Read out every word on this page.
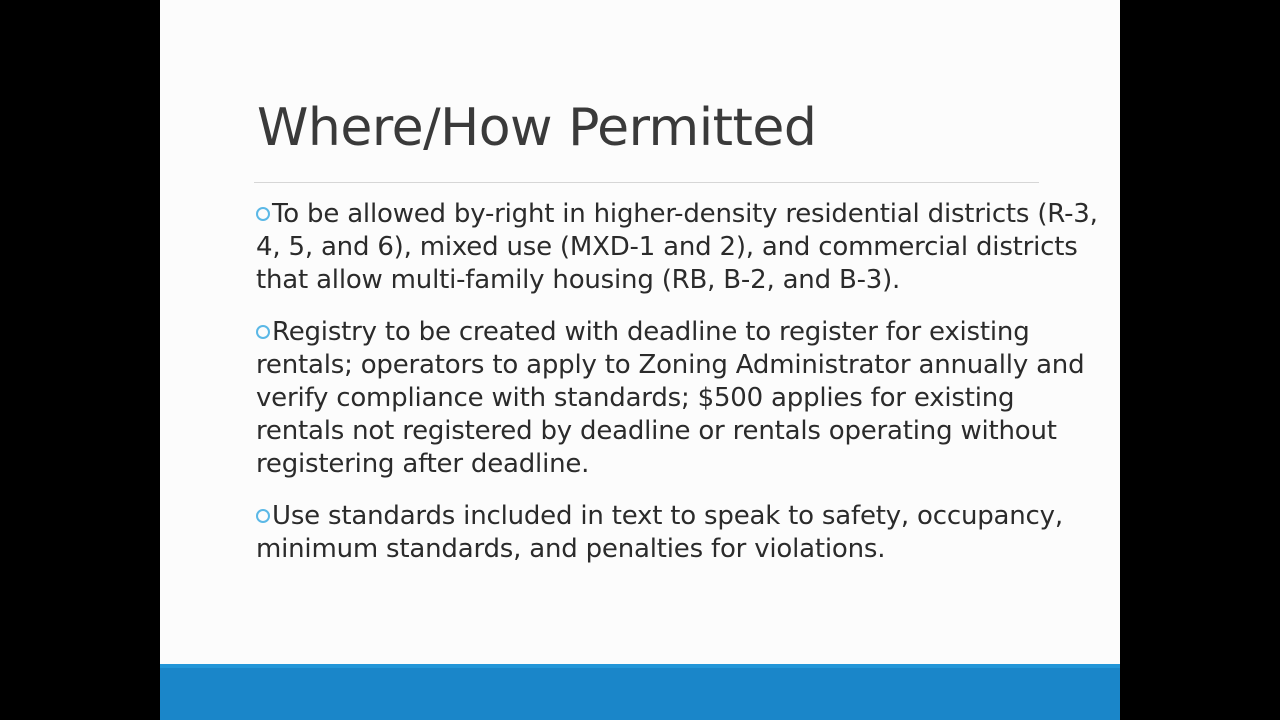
Where/How Permitted
To be allowed by-right in higher-density residential districts (R-3, 4, 5, and 6), mixed use (MXD-1 and 2), and commercial districts that allow multi-family housing (RB, B-2, and B-3).
Registry to be created with deadline to register for existing rentals; operators to apply to Zoning Administrator annually and verify compliance with standards; $500 applies for existing rentals not registered by deadline or rentals operating without registering after deadline.
Use standards included in text to speak to safety, occupancy, minimum standards, and penalties for violations.
